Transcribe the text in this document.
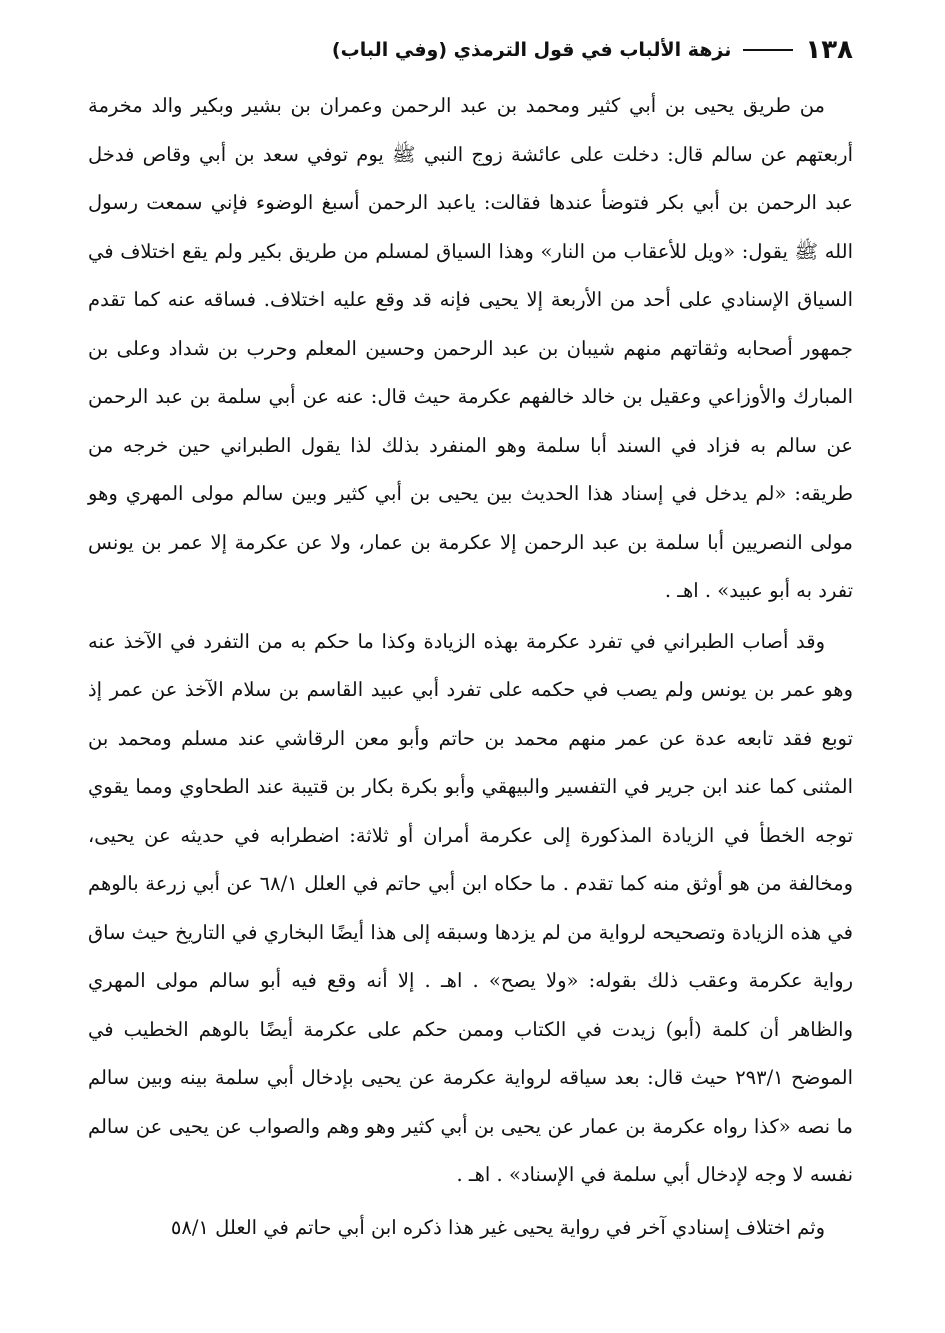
١٣٨
نزهة الألباب في قول الترمذي (وفي الباب)

من طريق يحيى بن أبي كثير ومحمد بن عبد الرحمن وعمران بن بشير وبكير والد مخرمة أربعتهم عن سالم قال: دخلت على عائشة زوج النبي ﷺ يوم توفي سعد بن أبي وقاص فدخل عبد الرحمن بن أبي بكر فتوضأ عندها فقالت: ياعبد الرحمن أسبغ الوضوء فإني سمعت رسول الله ﷺ يقول: «ويل للأعقاب من النار» وهذا السياق لمسلم من طريق بكير ولم يقع اختلاف في السياق الإسنادي على أحد من الأربعة إلا يحيى فإنه قد وقع عليه اختلاف. فساقه عنه كما تقدم جمهور أصحابه وثقاتهم منهم شيبان بن عبد الرحمن وحسين المعلم وحرب بن شداد وعلى بن المبارك والأوزاعي وعقيل بن خالد خالفهم عكرمة حيث قال: عنه عن أبي سلمة بن عبد الرحمن عن سالم به فزاد في السند أبا سلمة وهو المنفرد بذلك لذا يقول الطبراني حين خرجه من طريقه: «لم يدخل في إسناد هذا الحديث بين يحيى بن أبي كثير وبين سالم مولى المهري وهو مولى النصريين أبا سلمة بن عبد الرحمن إلا عكرمة بن عمار، ولا عن عكرمة إلا عمر بن يونس تفرد به أبو عبيد» . اهـ .

وقد أصاب الطبراني في تفرد عكرمة بهذه الزيادة وكذا ما حكم به من التفرد في الآخذ عنه وهو عمر بن يونس ولم يصب في حكمه على تفرد أبي عبيد القاسم بن سلام الآخذ عن عمر إذ توبع فقد تابعه عدة عن عمر منهم محمد بن حاتم وأبو معن الرقاشي عند مسلم ومحمد بن المثنى كما عند ابن جرير في التفسير والبيهقي وأبو بكرة بكار بن قتيبة عند الطحاوي ومما يقوي توجه الخطأ في الزيادة المذكورة إلى عكرمة أمران أو ثلاثة: اضطرابه في حديثه عن يحيى، ومخالفة من هو أوثق منه كما تقدم . ما حكاه ابن أبي حاتم في العلل ٦٨/١ عن أبي زرعة بالوهم في هذه الزيادة وتصحيحه لرواية من لم يزدها وسبقه إلى هذا أيضًا البخاري في التاريخ حيث ساق رواية عكرمة وعقب ذلك بقوله: «ولا يصح» . اهـ . إلا أنه وقع فيه أبو سالم مولى المهري والظاهر أن كلمة (أبو) زيدت في الكتاب وممن حكم على عكرمة أيضًا بالوهم الخطيب في الموضح ٢٩٣/١ حيث قال: بعد سياقه لرواية عكرمة عن يحيى بإدخال أبي سلمة بينه وبين سالم ما نصه «كذا رواه عكرمة بن عمار عن يحيى بن أبي كثير وهو وهم والصواب عن يحيى عن سالم نفسه لا وجه لإدخال أبي سلمة في الإسناد» . اهـ .

وثم اختلاف إسنادي آخر في رواية يحيى غير هذا ذكره ابن أبي حاتم في العلل ٥٨/١
